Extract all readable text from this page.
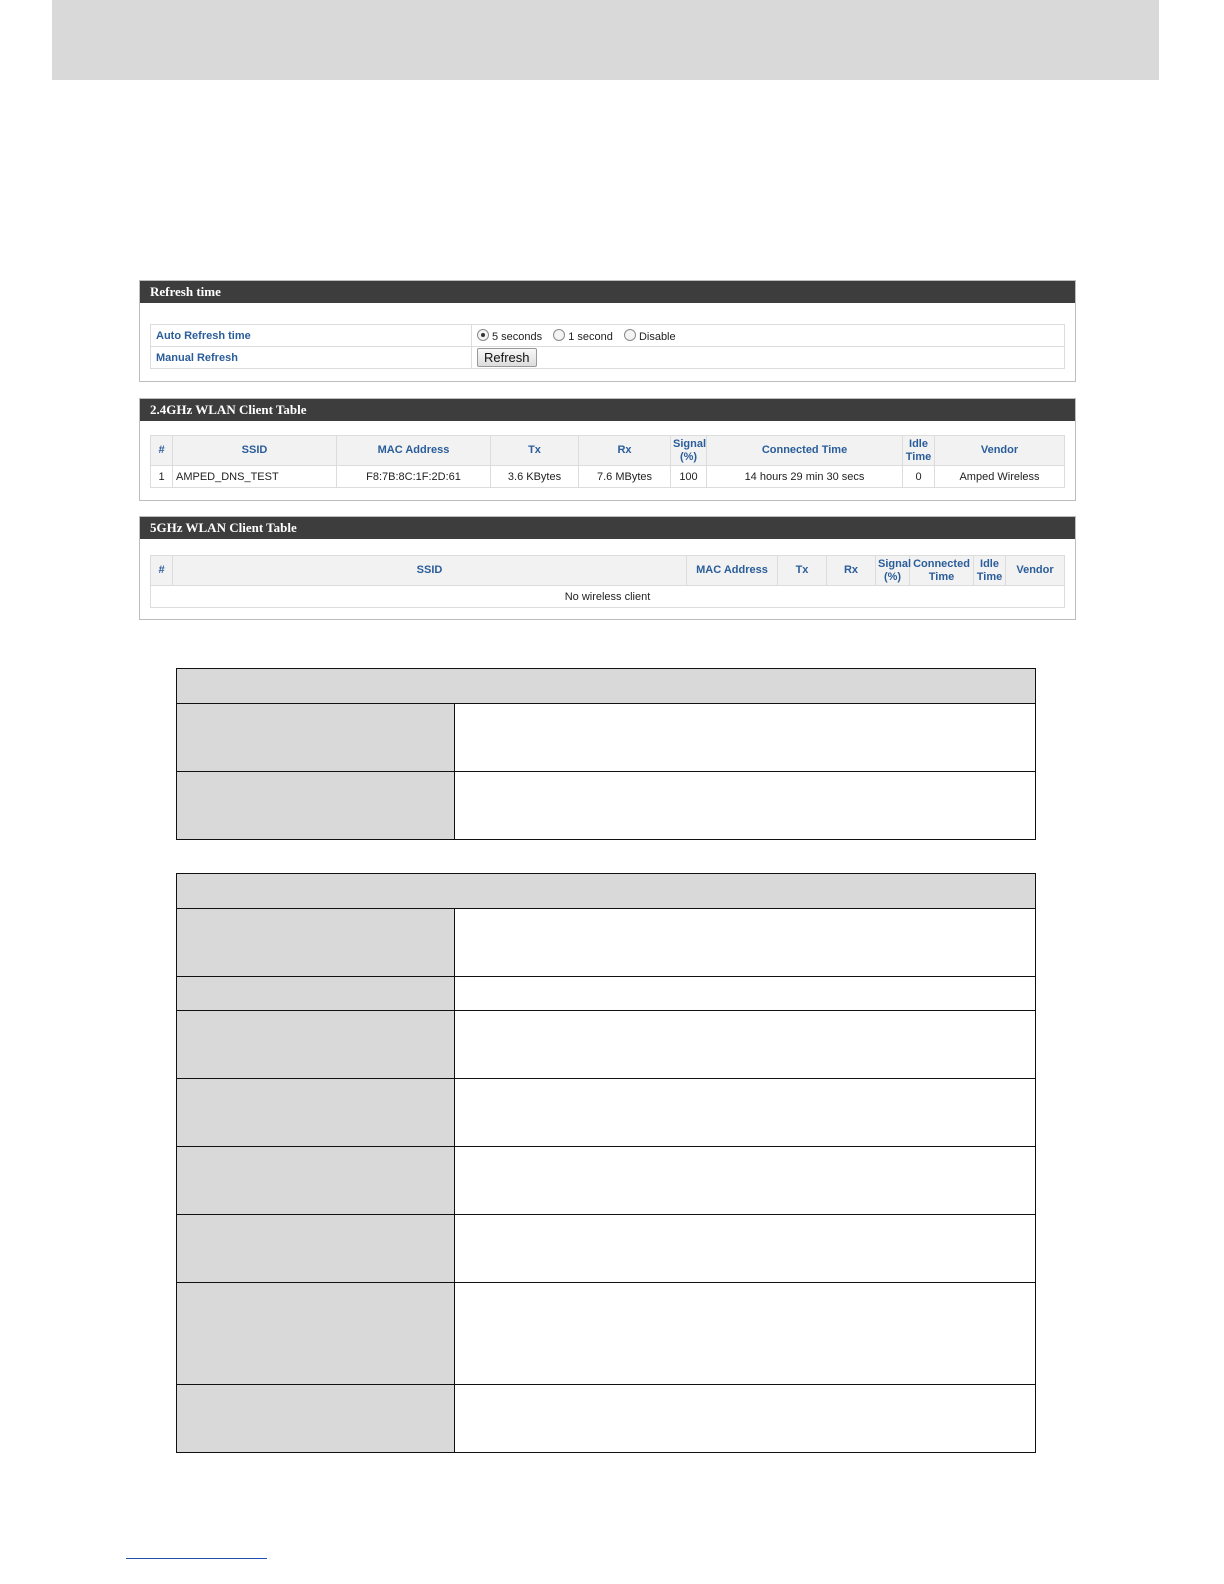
Refresh time
Auto Refresh time	5 seconds 1 second Disable
Manual Refresh	Refresh
2.4GHz WLAN Client Table
#	SSID	MAC Address	Tx	Rx	Signal (%)	Connected Time	Idle Time	Vendor
1	AMPED_DNS_TEST	F8:7B:8C:1F:2D:61	3.6 KBytes	7.6 MBytes	100	14 hours 29 min 30 secs	0	Amped Wireless
5GHz WLAN Client Table
#	SSID	MAC Address	Tx	Rx	Signal (%)	Connected Time	Idle Time	Vendor
No wireless client
